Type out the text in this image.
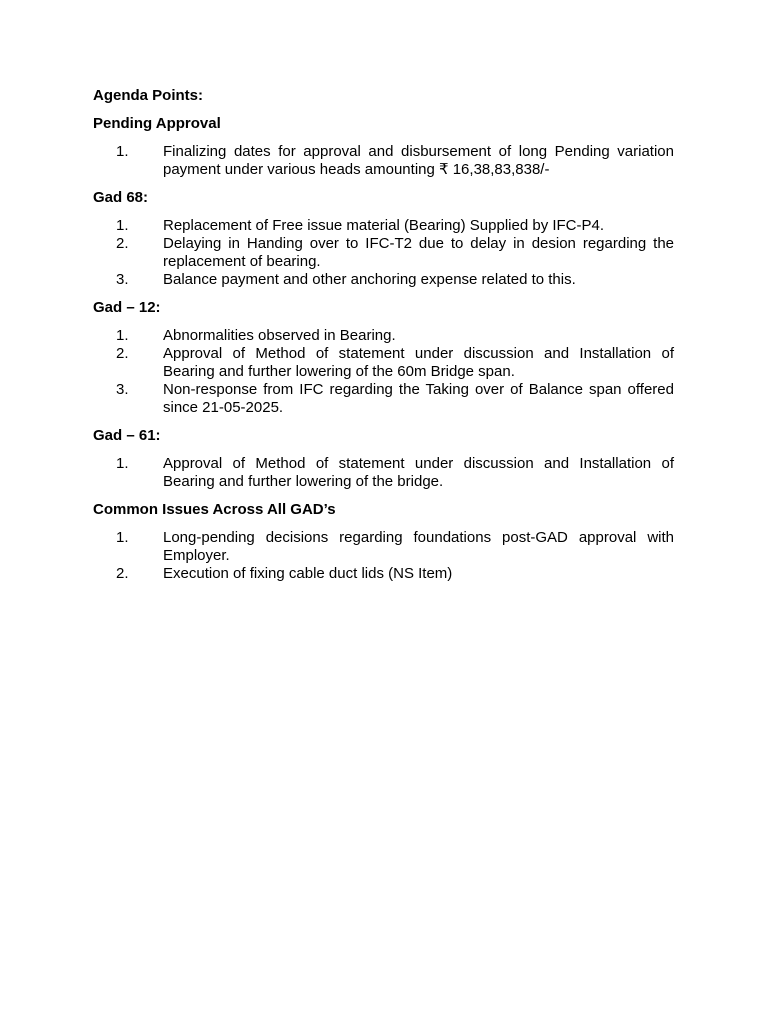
Agenda Points:

Pending Approval

1. Finalizing dates for approval and disbursement of long Pending variation payment under various heads amounting ₹ 16,38,83,838/-

Gad 68:

1. Replacement of Free issue material (Bearing) Supplied by IFC-P4.
2. Delaying in Handing over to IFC-T2 due to delay in desion regarding the replacement of bearing.
3. Balance payment and other anchoring expense related to this.

Gad – 12:

1. Abnormalities observed in Bearing.
2. Approval of Method of statement under discussion and Installation of Bearing and further lowering of the 60m Bridge span.
3. Non-response from IFC regarding the Taking over of Balance span offered since 21-05-2025.

Gad – 61:

1. Approval of Method of statement under discussion and Installation of Bearing and further lowering of the bridge.

Common Issues Across All GAD’s

1. Long-pending decisions regarding foundations post-GAD approval with Employer.
2. Execution of fixing cable duct lids (NS Item)
